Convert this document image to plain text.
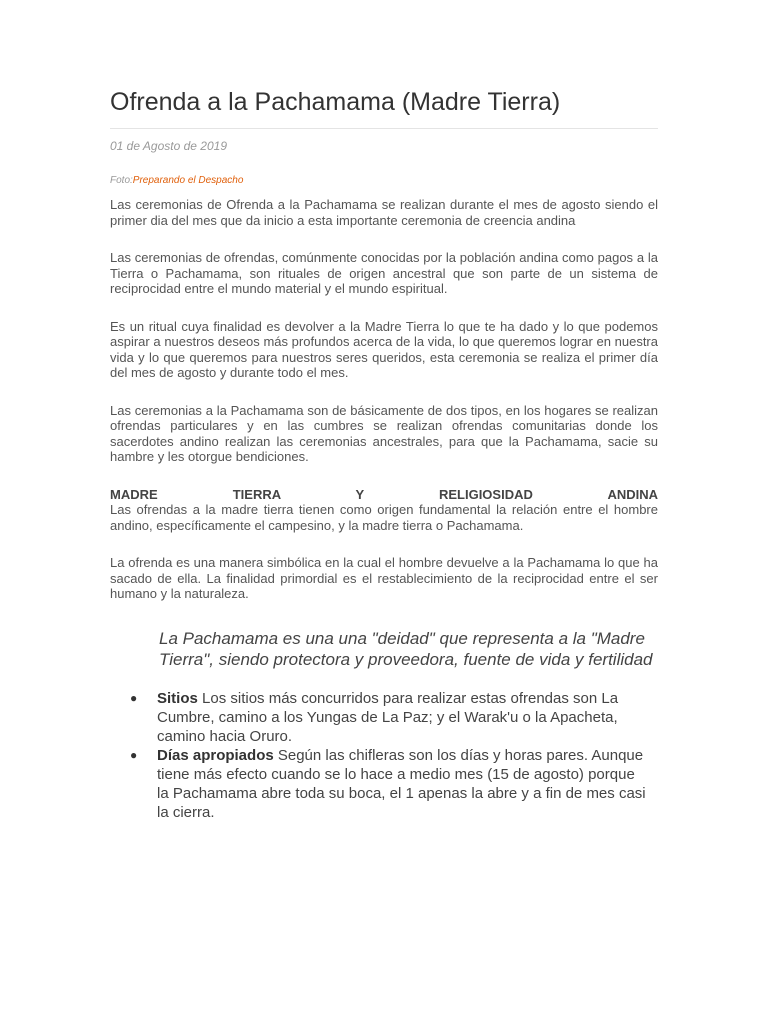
Ofrenda a la Pachamama (Madre Tierra)
01 de Agosto de 2019
Foto:Preparando el Despacho

Las ceremonias de Ofrenda a la Pachamama se realizan durante el mes de agosto siendo el primer dia del mes que da inicio a esta importante ceremonia de creencia andina

Las ceremonias de ofrendas, comúnmente conocidas por la población andina como pagos a la Tierra o Pachamama, son rituales de origen ancestral que son parte de un sistema de reciprocidad entre el mundo material y el mundo espiritual.

Es un ritual cuya finalidad es devolver a la Madre Tierra lo que te ha dado y lo que podemos aspirar a nuestros deseos más profundos acerca de la vida, lo que queremos lograr en nuestra vida y lo que queremos para nuestros seres queridos, esta ceremonia se realiza el primer día del mes de agosto y durante todo el mes.

Las ceremonias a la Pachamama son de básicamente de dos tipos, en los hogares se realizan ofrendas particulares y en las cumbres se realizan ofrendas comunitarias donde los sacerdotes andino realizan las ceremonias ancestrales, para que la Pachamama, sacie su hambre y les otorgue bendiciones.

MADRE TIERRA Y RELIGIOSIDAD ANDINA
Las ofrendas a la madre tierra tienen como origen fundamental la relación entre el hombre andino, específicamente el campesino, y la madre tierra o Pachamama.

La ofrenda es una manera simbólica en la cual el hombre devuelve a la Pachamama lo que ha sacado de ella. La finalidad primordial es el restablecimiento de la reciprocidad entre el ser humano y la naturaleza.

La Pachamama es una una "deidad" que representa a la "Madre Tierra", siendo protectora y proveedora, fuente de vida y fertilidad
● Sitios Los sitios más concurridos para realizar estas ofrendas son La Cumbre, camino a los Yungas de La Paz; y el Warak'u o la Apacheta, camino hacia Oruro.
● Días apropiados Según las chifleras son los días y horas pares. Aunque tiene más efecto cuando se lo hace a medio mes (15 de agosto) porque la Pachamama abre toda su boca, el 1 apenas la abre y a fin de mes casi la cierra.
